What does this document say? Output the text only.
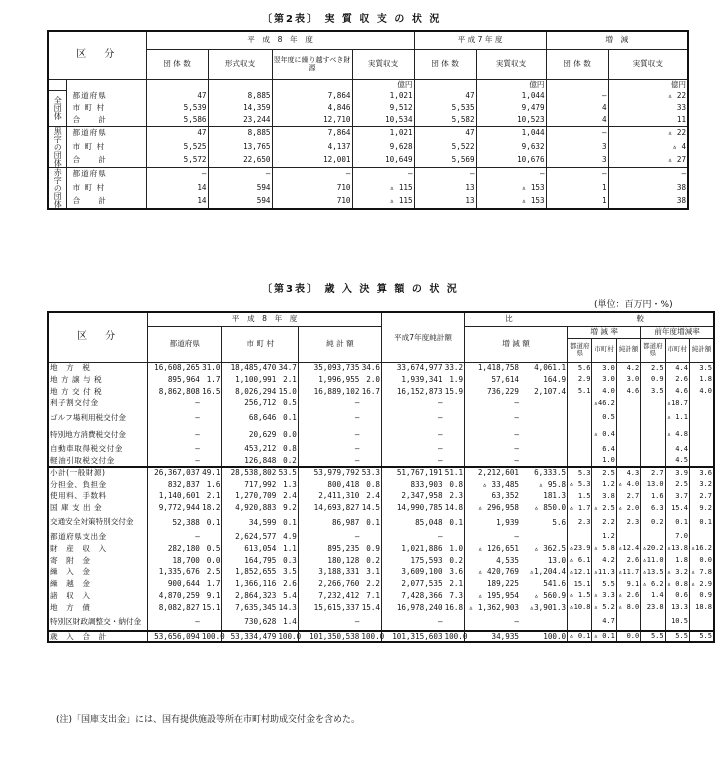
〔第2表〕 実 質 収 支 の 状 況
区　分		平　成　8　年　度				平 成 7 年 度		増　減	
		団 体 数	形式収支	翌年度に繰り越すべき財源	実質収支	団 体 数	実質収支	団 体 数	実質収支
					億円		億円		億円
全団体	都道府県	47	8,885	7,864	1,021	47	1,044	—	▵ 22
	市 町 村	5,539	14,359	4,846	9,512	5,535	9,479	4	33
	合　　計	5,586	23,244	12,710	10,534	5,582	10,523	4	11
黒字の団体	都道府県	47	8,885	7,864	1,021	47	1,044	—	▵ 22
	市 町 村	5,525	13,765	4,137	9,628	5,522	9,632	3	▵ 4
	合　　計	5,572	22,650	12,001	10,649	5,569	10,676	3	▵ 27
赤字の団体	都道府県	—	—	—	—	—	—	—	—
	市 町 村	14	594	710	▵ 115	13	▵ 153	1	38
	合　　計	14	594	710	▵ 115	13	▵ 153	1	38
〔第3表〕 歳 入 決 算 額 の 状 況
(単位：百万円・%)
区　分	平　成　8　年　度						平成7年度純計額		比				較			
	都道府県		市 町 村		純 計 額				増 減 額		増 減 率			前年度増減率		
											都道府県	市町村	純計額	都道府県	市町村	純計額
地　方　税	16,608,265	31.0	18,485,470	34.7	35,093,735	34.6	33,674,977	33.2	1,418,758	4,061.1	5.6	3.0	4.2	2.5	4.4	3.5
地 方 譲 与 税	895,964	1.7	1,100,991	2.1	1,996,955	2.0	1,939,341	1.9	57,614	164.9	2.9	3.0	3.0	0.9	2.6	1.8
地 方 交 付 税	8,862,808	16.5	8,026,294	15.0	16,889,102	16.7	16,152,873	15.9	736,229	2,107.4	5.1	4.0	4.6	3.5	4.6	4.0
利子割交付金	—		256,712	0.5	—		—		—			▵46.2			▵18.7	
ゴルフ場利用税交付金	—		68,646	0.1	—		—		—			0.5			▵ 1.1	
特別地方消費税交付金	—		20,629	0.0	—		—		—			▵ 0.4			▵ 4.8	
自動車取得税交付金	—		453,212	0.8	—		—		—			6.4			4.4	
軽油引取税交付金	—		126,848	0.2	—		—		—			1.0			4.5	
小計(一般財源)	26,367,037	49.1	28,538,802	53.5	53,979,792	53.3	51,767,191	51.1	2,212,601	6,333.5	5.3	2.5	4.3	2.7	3.9	3.6
分担金、負担金	832,837	1.6	717,992	1.3	800,418	0.8	833,903	0.8	▵ 33,485	▵ 95.8	▵ 5.3	1.2	▵ 4.0	13.0	2.5	3.2
使用料、手数料	1,140,601	2.1	1,270,709	2.4	2,411,310	2.4	2,347,958	2.3	63,352	181.3	1.5	3.8	2.7	1.6	3.7	2.7
国 庫 支 出 金	9,772,944	18.2	4,920,883	9.2	14,693,827	14.5	14,990,785	14.8	▵ 296,958	▵ 850.0	▵ 1.7	▵ 2.5	▵ 2.0	6.3	15.4	9.2
交通安全対策特別交付金	52,388	0.1	34,599	0.1	86,987	0.1	85,048	0.1	1,939	5.6	2.3	2.2	2.3	0.2	0.1	0.1
都道府県支出金	—		2,624,577	4.9	—		—		—			1.2			7.0	
財　産　収　入	282,180	0.5	613,054	1.1	895,235	0.9	1,021,886	1.0	▵ 126,651	▵ 362.5	▵23.9	▵ 5.8	▵12.4	▵20.2	▵13.8	▵16.2
寄　附　金	18,700	0.0	164,795	0.3	180,128	0.2	175,593	0.2	4,535	13.0	▵ 6.1	4.2	2.6	▵11.0	1.8	0.0
繰　入　金	1,335,676	2.5	1,852,655	3.5	3,188,331	3.1	3,609,100	3.6	▵ 420,769	▵1,204.4	▵12.1	▵11.3	▵11.7	▵13.5	▵ 3.2	▵ 7.8
繰　越　金	900,644	1.7	1,366,116	2.6	2,266,760	2.2	2,077,535	2.1	189,225	541.6	15.1	5.5	9.1	▵ 6.2	▵ 0.8	▵ 2.9
諸　収　入	4,870,259	9.1	2,864,323	5.4	7,232,412	7.1	7,428,366	7.3	▵ 195,954	▵ 560.9	▵ 1.5	▵ 3.3	▵ 2.6	1.4	0.6	0.9
地　方　債	8,082,827	15.1	7,635,345	14.3	15,615,337	15.4	16,978,240	16.8	▵ 1,362,903	▵3,901.3	▵10.8	▵ 5.2	▵ 8.0	23.8	13.3	18.8
特別区財政調整交・納付金	—		730,628	1.4	—		—		—			4.7			10.5	
歳　入　合　計	53,656,094	100.0	53,334,479	100.0	101,350,538	100.0	101,315,603	100.0	34,935	100.0	▵ 0.1	▵ 0.1	0.0	5.5	5.5	5.5
(注)「国庫支出金」には、国有提供施設等所在市町村助成交付金を含めた。
